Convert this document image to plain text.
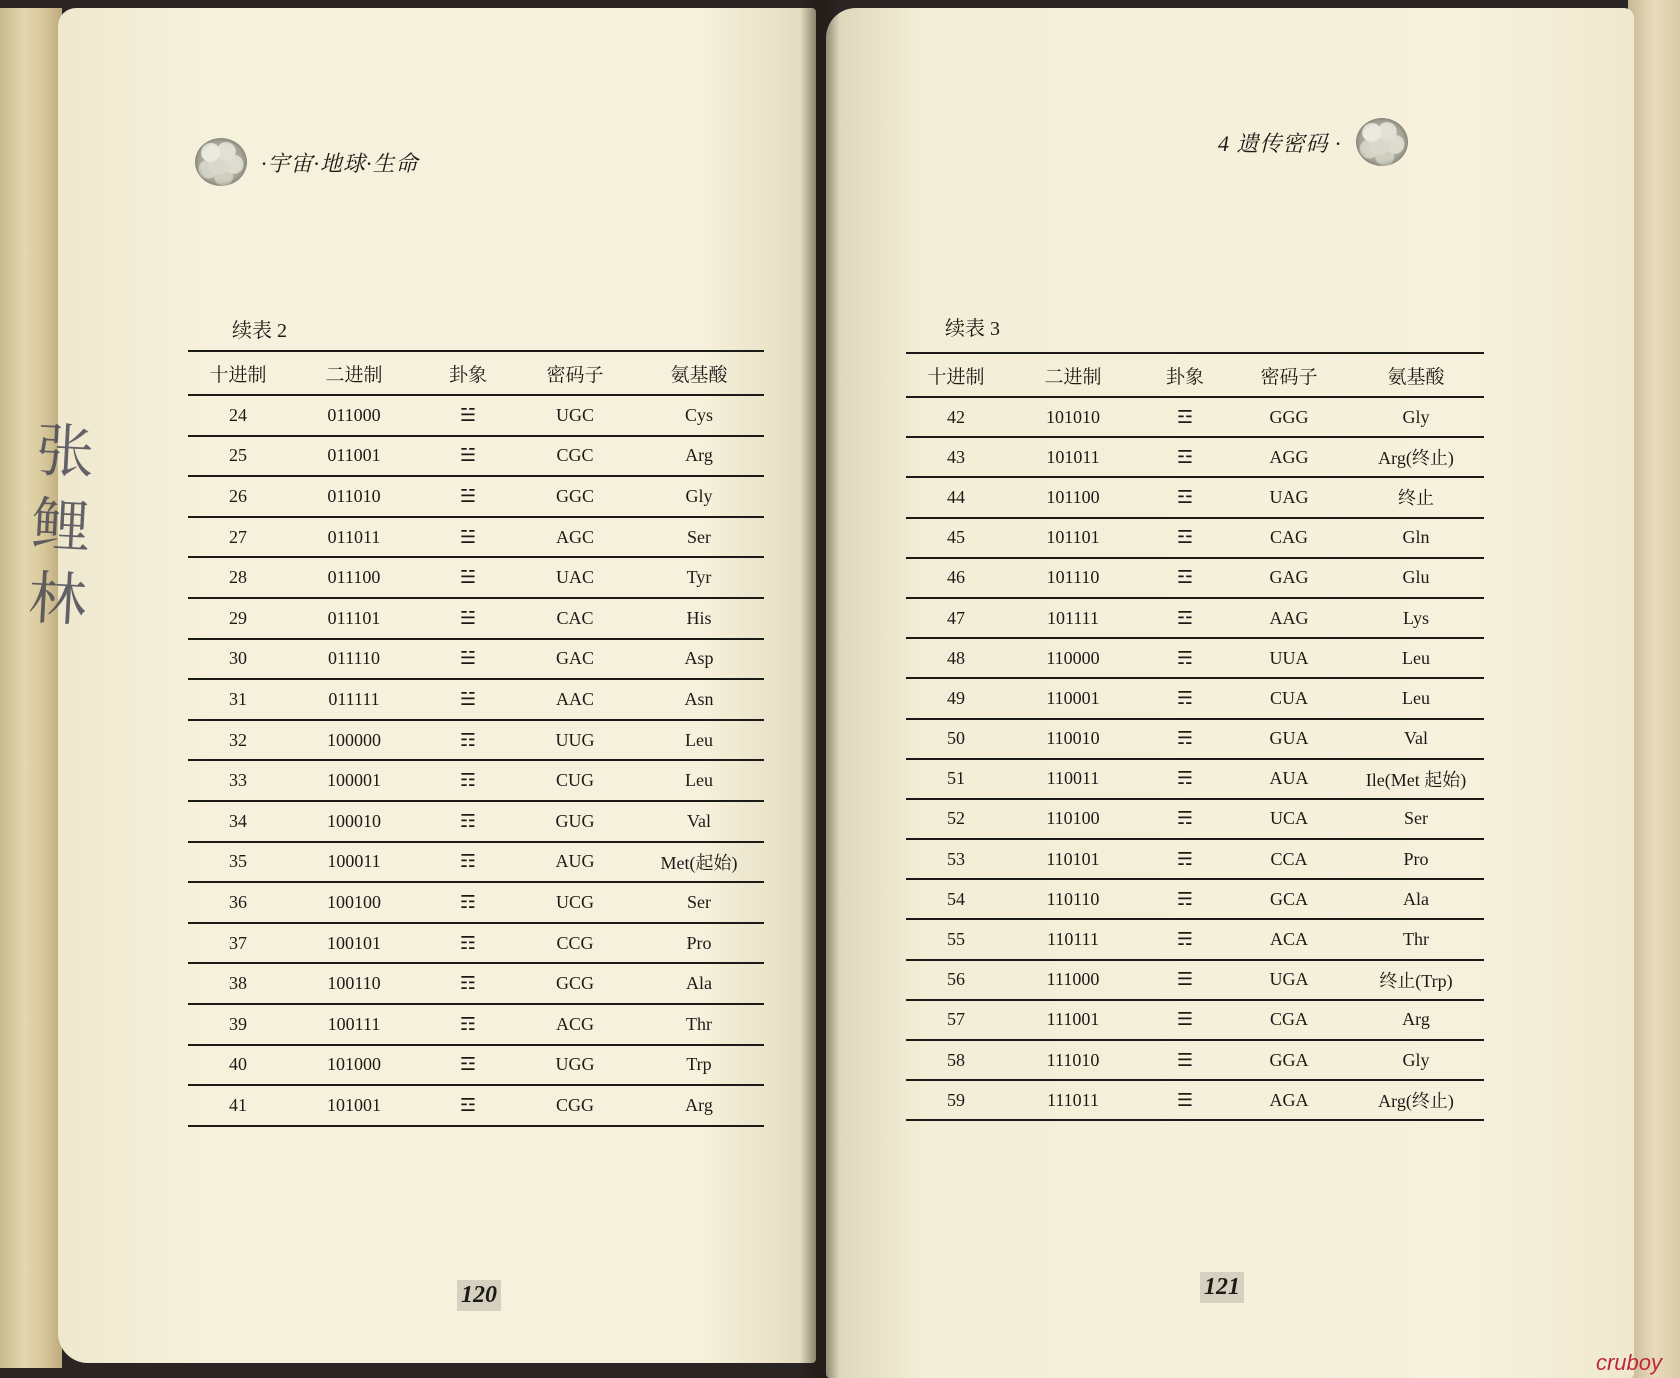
张鲤林
·宇宙·地球·生命
4 遗传密码 ·
续表 2
十进制	二进制	卦象	密码子	氨基酸
24	011000	☱	UGC	Cys
25	011001	☱	CGC	Arg
26	011010	☱	GGC	Gly
27	011011	☱	AGC	Ser
28	011100	☱	UAC	Tyr
29	011101	☱	CAC	His
30	011110	☱	GAC	Asp
31	011111	☱	AAC	Asn
32	100000	☶	UUG	Leu
33	100001	☶	CUG	Leu
34	100010	☶	GUG	Val
35	100011	☶	AUG	Met(起始)
36	100100	☶	UCG	Ser
37	100101	☶	CCG	Pro
38	100110	☶	GCG	Ala
39	100111	☶	ACG	Thr
40	101000	☲	UGG	Trp
41	101001	☲	CGG	Arg
续表 3
十进制	二进制	卦象	密码子	氨基酸
42	101010	☲	GGG	Gly
43	101011	☲	AGG	Arg(终止)
44	101100	☲	UAG	终止
45	101101	☲	CAG	Gln
46	101110	☲	GAG	Glu
47	101111	☲	AAG	Lys
48	110000	☴	UUA	Leu
49	110001	☴	CUA	Leu
50	110010	☴	GUA	Val
51	110011	☴	AUA	Ile(Met 起始)
52	110100	☴	UCA	Ser
53	110101	☴	CCA	Pro
54	110110	☴	GCA	Ala
55	110111	☴	ACA	Thr
56	111000	☰	UGA	终止(Trp)
57	111001	☰	CGA	Arg
58	111010	☰	GGA	Gly
59	111011	☰	AGA	Arg(终止)
120	121
cruboy
